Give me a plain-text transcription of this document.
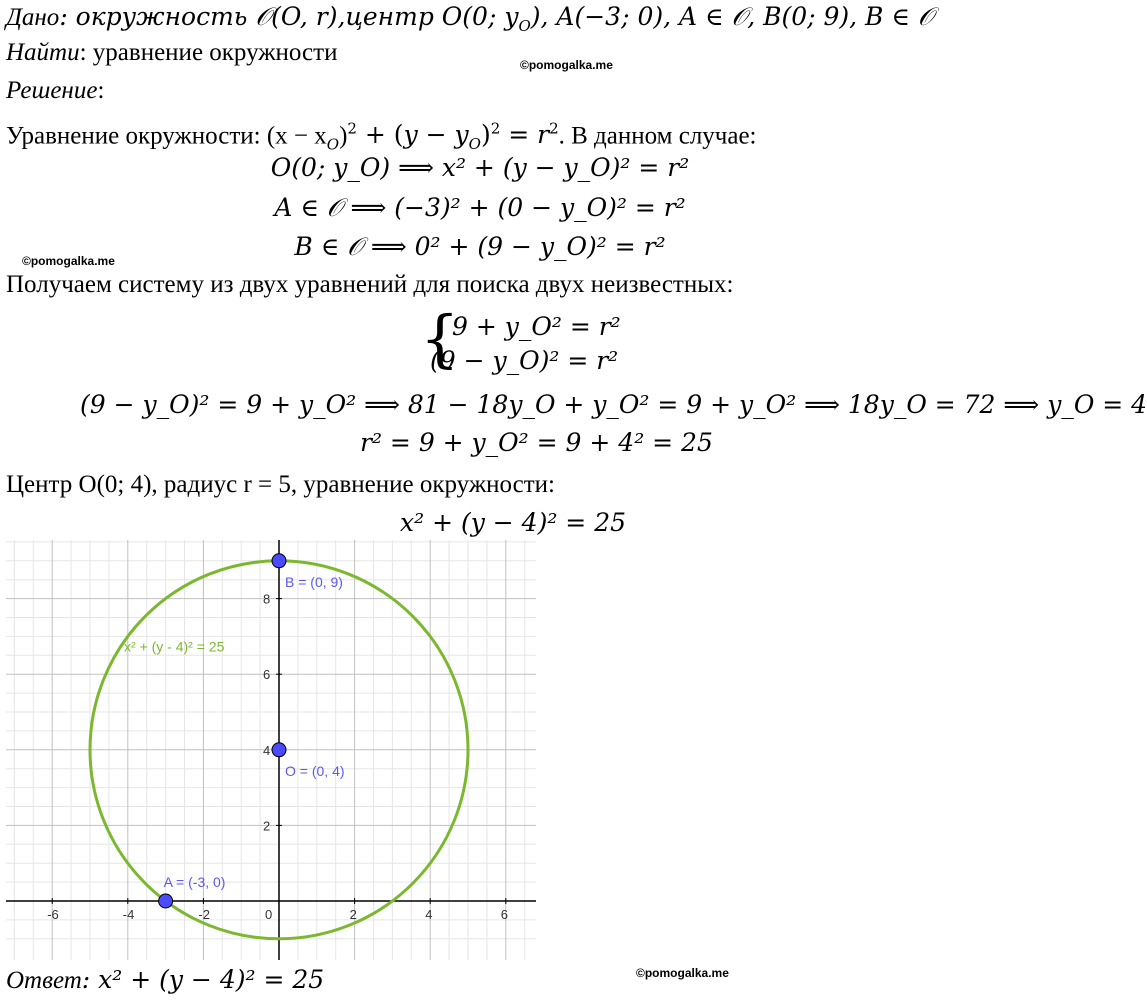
Дано: окружность 𝒪(O, r),центр O(0; $y_O$), A(−3; 0), A ∈ 𝒪, B(0; 9), B ∈ 𝒪
Найти: уравнение окружности	©pomogalka.me
Решение:
Уравнение окружности: $(x - x_O)^2 + (y - y_O)^2 = r^2$. В данном случае:
O(0; y_O) ⟹ x² + (y − y_O)² = r²
A ∈ 𝒪 ⟹ (−3)² + (0 − y_O)² = r²
B ∈ 𝒪 ⟹ 0² + (9 − y_O)² = r²
©pomogalka.me
Получаем систему из двух уравнений для поиска двух неизвестных:
{
9 + y_O² = r²
(9 − y_O)² = r²
(9 − y_O)² = 9 + y_O² ⟹ 81 − 18y_O + y_O² = 9 + y_O² ⟹ 18y_O = 72 ⟹ y_O = 4
r² = 9 + y_O² = 9 + 4² = 25
Центр O(0; 4), радиус r = 5, уравнение окружности:
x² + (y − 4)² = 25
-6	-4	-2	0	2	4	6
2
4
6
8
x² + (y - 4)² = 25
A = (-3, 0)
O = (0, 4)
B = (0, 9)
Ответ: x² + (y − 4)² = 25	©pomogalka.me
